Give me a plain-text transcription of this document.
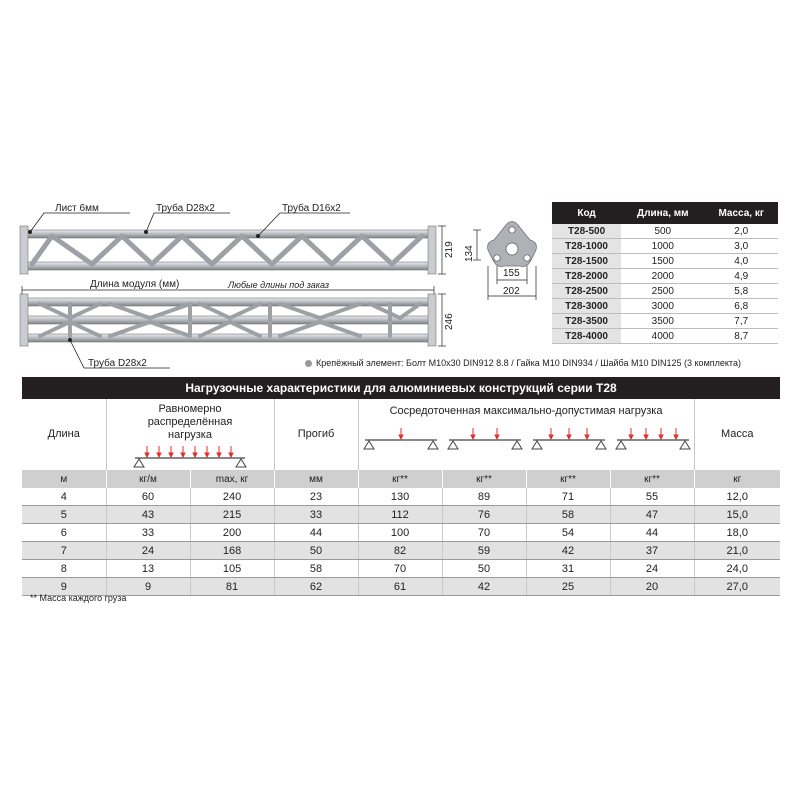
Лист 6мм	Труба D28x2	Труба D16x2
Длина модуля (мм)	Любые длины под заказ
Труба D28x2
219
246
134
155
202
Крепёжный элемент: Болт М10х30 DIN912 8.8 / Гайка М10 DIN934 / Шайба М10 DIN125 (3 комплекта)
Код	Длина, мм	Масса, кг
Т28-500	500	2,0
Т28-1000	1000	3,0
Т28-1500	1500	4,0
Т28-2000	2000	4,9
Т28-2500	2500	5,8
Т28-3000	3000	6,8
Т28-3500	3500	7,7
Т28-4000	4000	8,7
Нагрузочные характеристики для алюминиевых конструкций серии Т28
Длина	Равномерно распределённая нагрузка		Прогиб	Сосредоточенная максимально-допустимая нагрузка				Масса
м	кг/м	max, кг	мм	кг**	кг**	кг**	кг**	кг
4	60	240	23	130	89	71	55	12,0
5	43	215	33	112	76	58	47	15,0
6	33	200	44	100	70	54	44	18,0
7	24	168	50	82	59	42	37	21,0
8	13	105	58	70	50	31	24	24,0
9	9	81	62	61	42	25	20	27,0
** Масса каждого груза
